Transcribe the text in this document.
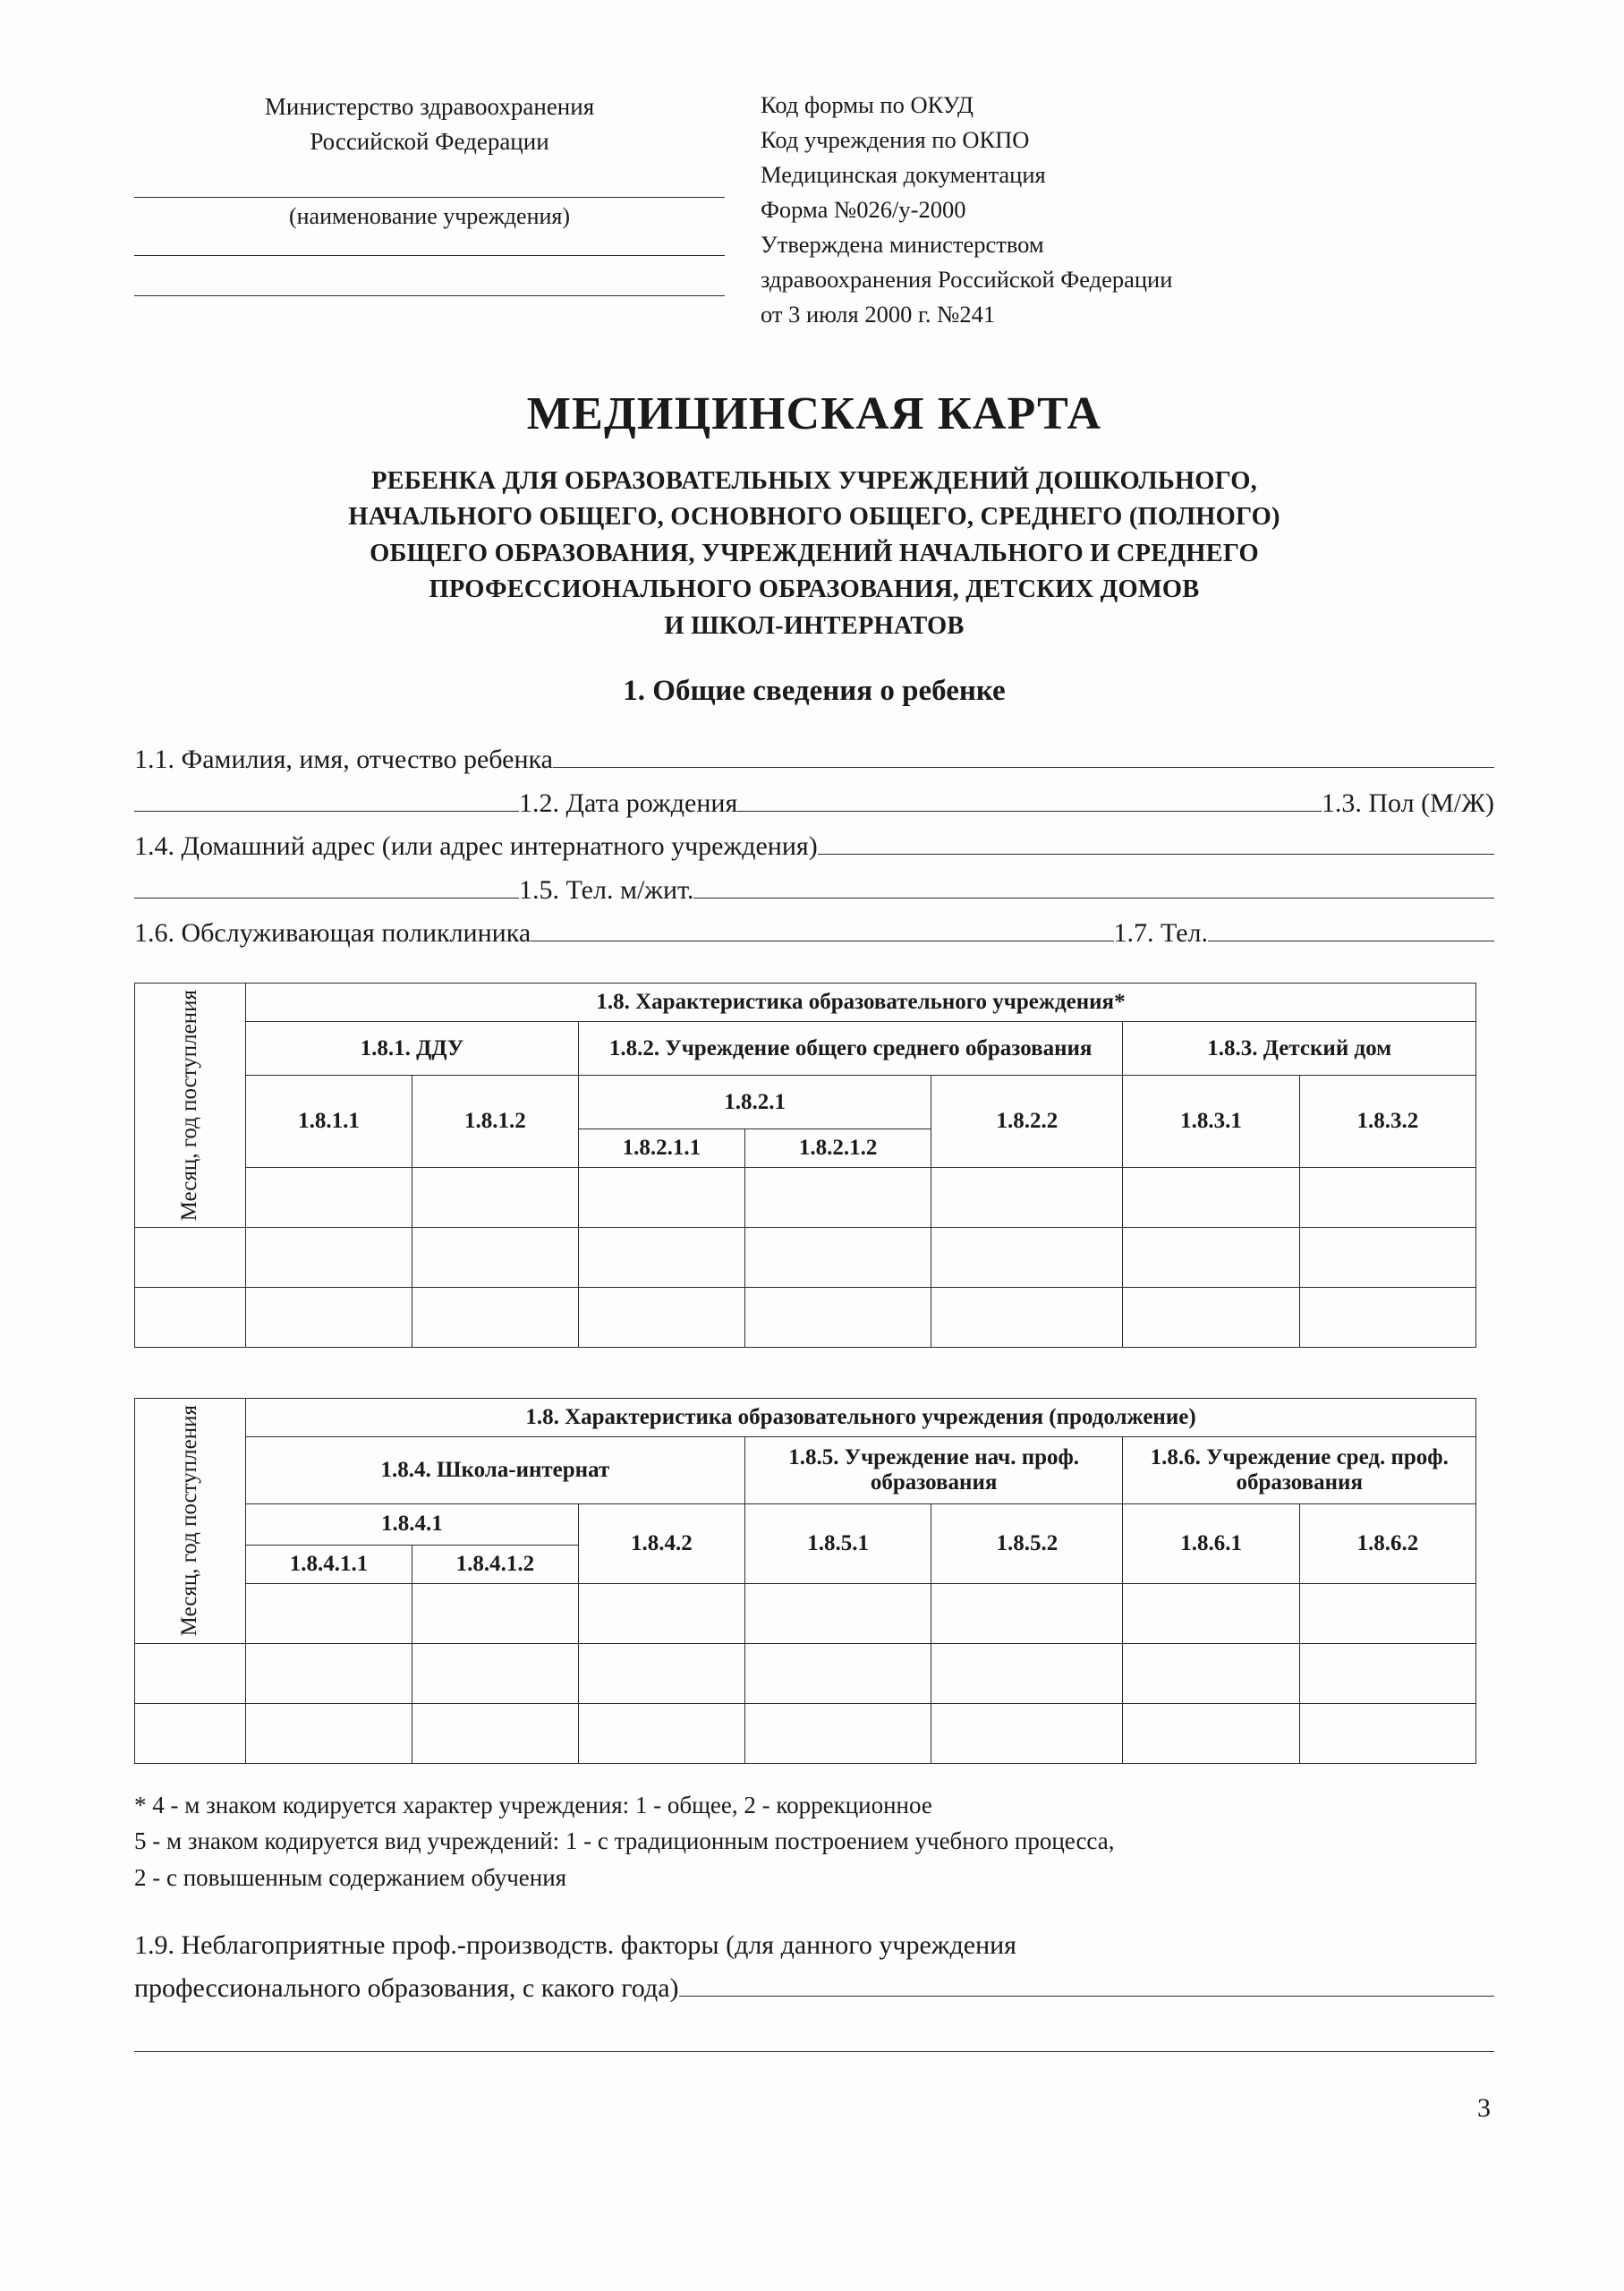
Министерство здравоохранения
Российской Федерации
(наименование учреждения)
Код формы по ОКУД
Код учреждения по ОКПО
Медицинская документация
Форма №026/у-2000
Утверждена министерством
здравоохранения Российской Федерации
от 3 июля 2000 г. №241
МЕДИЦИНСКАЯ КАРТА
РЕБЕНКА ДЛЯ ОБРАЗОВАТЕЛЬНЫХ УЧРЕЖДЕНИЙ ДОШКОЛЬНОГО,
НАЧАЛЬНОГО ОБЩЕГО, ОСНОВНОГО ОБЩЕГО, СРЕДНЕГО (ПОЛНОГО)
ОБЩЕГО ОБРАЗОВАНИЯ, УЧРЕЖДЕНИЙ НАЧАЛЬНОГО И СРЕДНЕГО
ПРОФЕССИОНАЛЬНОГО ОБРАЗОВАНИЯ, ДЕТСКИХ ДОМОВ
И ШКОЛ-ИНТЕРНАТОВ
1. Общие сведения о ребенке
1.1. Фамилия, имя, отчество ребенка
1.2. Дата рождения	1.3. Пол (М/Ж)
1.4. Домашний адрес (или адрес интернатного учреждения)
1.5. Тел. м/жит.
1.6. Обслуживающая поликлиника	1.7. Тел.
Месяц, год поступления	1.8. Характеристика образовательного учреждения*						
	1.8.1. ДДУ		1.8.2. Учреждение общего среднего образования			1.8.3. Детский дом	

	1.8.1.1	1.8.1.2	1.8.2.1		1.8.2.2	1.8.3.1	1.8.3.2
			1.8.2.1.1	1.8.2.1.2			

Месяц, год поступления	1.8. Характеристика образовательного учреждения (продолжение)						
	1.8.4. Школа-интернат			1.8.5. Учреждение нач. проф. образования		1.8.6. Учреждение сред. проф. образования	

	1.8.4.1		1.8.4.2	1.8.5.1	1.8.5.2	1.8.6.1	1.8.6.2
	1.8.4.1.1	1.8.4.1.2					

* 4 - м знаком кодируется характер учреждения: 1 - общее, 2 - коррекционное
5 - м знаком кодируется вид учреждений: 1 - с традиционным построением учебного процесса,
2 - с повышенным содержанием обучения
1.9. Неблагоприятные проф.-производств. факторы (для данного учреждения
профессионального образования, с какого года)
3
